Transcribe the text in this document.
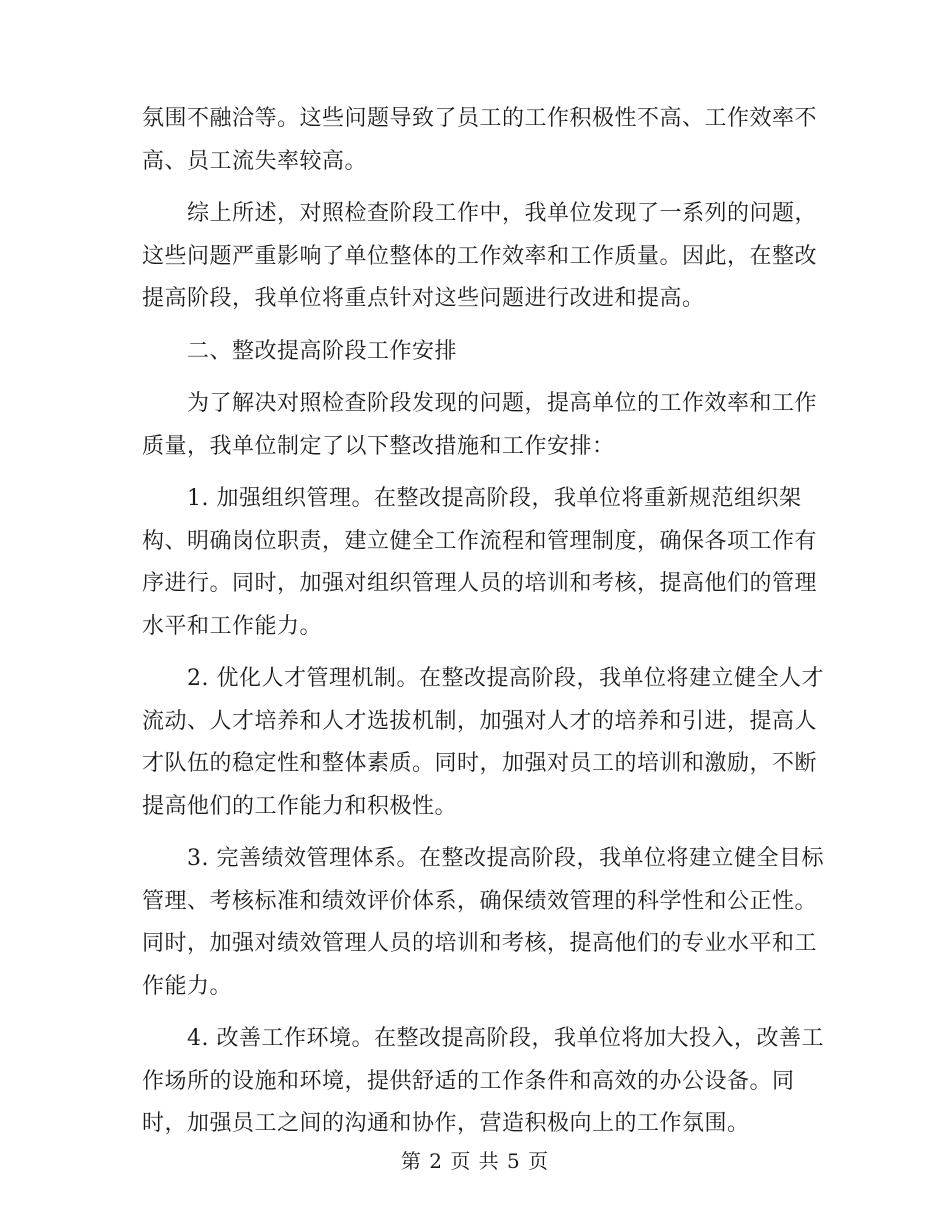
氛围不融洽等。这些问题导致了员工的工作积极性不高、工作效率不
高、员工流失率较高。

综上所述，对照检查阶段工作中，我单位发现了一系列的问题，
这些问题严重影响了单位整体的工作效率和工作质量。因此，在整改
提高阶段，我单位将重点针对这些问题进行改进和提高。

二、整改提高阶段工作安排

为了解决对照检查阶段发现的问题，提高单位的工作效率和工作
质量，我单位制定了以下整改措施和工作安排：

1. 加强组织管理。在整改提高阶段，我单位将重新规范组织架
构、明确岗位职责，建立健全工作流程和管理制度，确保各项工作有
序进行。同时，加强对组织管理人员的培训和考核，提高他们的管理
水平和工作能力。

2. 优化人才管理机制。在整改提高阶段，我单位将建立健全人才
流动、人才培养和人才选拔机制，加强对人才的培养和引进，提高人
才队伍的稳定性和整体素质。同时，加强对员工的培训和激励，不断
提高他们的工作能力和积极性。

3. 完善绩效管理体系。在整改提高阶段，我单位将建立健全目标
管理、考核标准和绩效评价体系，确保绩效管理的科学性和公正性。
同时，加强对绩效管理人员的培训和考核，提高他们的专业水平和工
作能力。

4. 改善工作环境。在整改提高阶段，我单位将加大投入，改善工
作场所的设施和环境，提供舒适的工作条件和高效的办公设备。同
时，加强员工之间的沟通和协作，营造积极向上的工作氛围。

第 2 页 共 5 页
